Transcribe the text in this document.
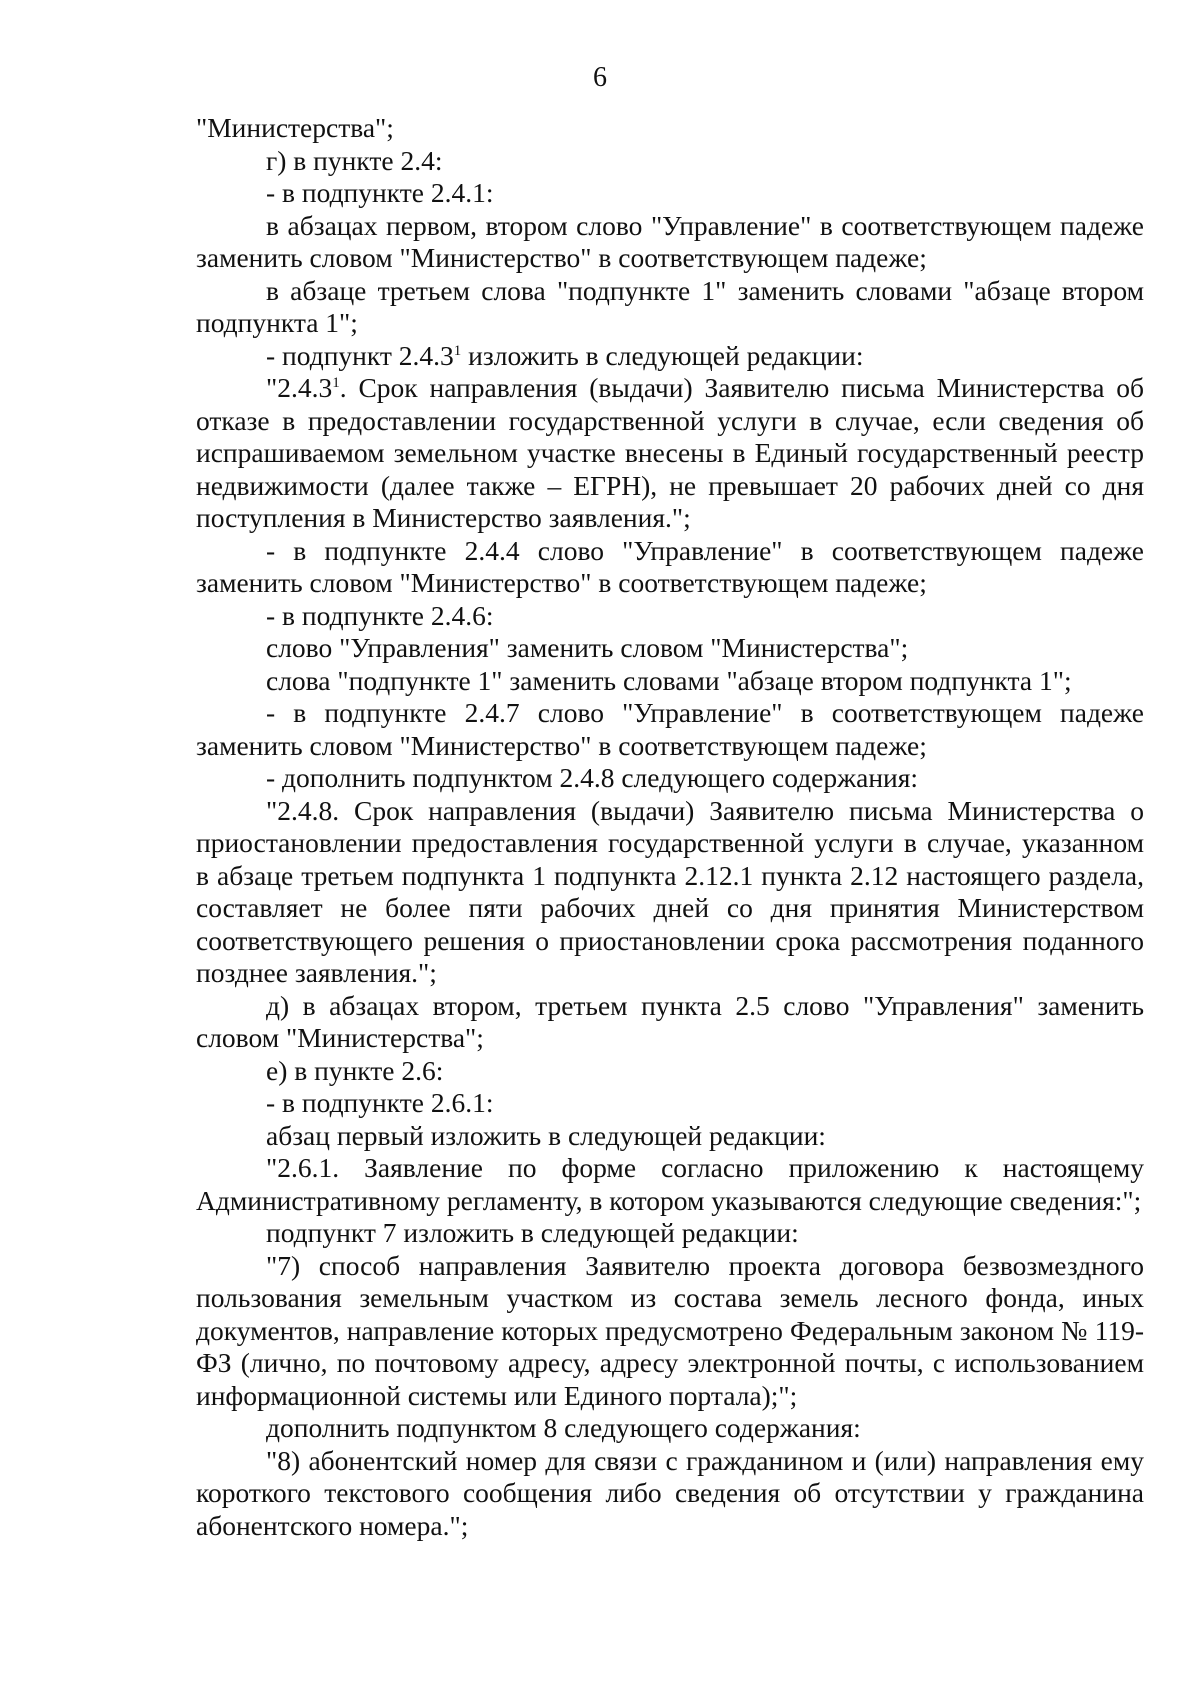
6

"Министерства";

г) в пункте 2.4:

- в подпункте 2.4.1:

в абзацах первом, втором слово "Управление" в соответствующем падеже заменить словом "Министерство" в соответствующем падеже;

в абзаце третьем слова "подпункте 1" заменить словами "абзаце втором подпункта 1";

- подпункт 2.4.3$^1$ изложить в следующей редакции:

"2.4.3$^1$. Срок направления (выдачи) Заявителю письма Министерства об отказе в предоставлении государственной услуги в случае, если сведения об испрашиваемом земельном участке внесены в Единый государственный реестр недвижимости (далее также – ЕГРН), не превышает 20 рабочих дней со дня поступления в Министерство заявления.";

- в подпункте 2.4.4 слово "Управление" в соответствующем падеже заменить словом "Министерство" в соответствующем падеже;

- в подпункте 2.4.6:

слово "Управления" заменить словом "Министерства";

слова "подпункте 1" заменить словами "абзаце втором подпункта 1";

- в подпункте 2.4.7 слово "Управление" в соответствующем падеже заменить словом "Министерство" в соответствующем падеже;

- дополнить подпунктом 2.4.8 следующего содержания:

"2.4.8. Срок направления (выдачи) Заявителю письма Министерства о приостановлении предоставления государственной услуги в случае, указанном в абзаце третьем подпункта 1 подпункта 2.12.1 пункта 2.12 настоящего раздела, составляет не более пяти рабочих дней со дня принятия Министерством соответствующего решения о приостановлении срока рассмотрения поданного позднее заявления.";

д) в абзацах втором, третьем пункта 2.5 слово "Управления" заменить словом "Министерства";

е) в пункте 2.6:

- в подпункте 2.6.1:

абзац первый изложить в следующей редакции:

"2.6.1. Заявление по форме согласно приложению к настоящему Административному регламенту, в котором указываются следующие сведения:";

подпункт 7 изложить в следующей редакции:

"7) способ направления Заявителю проекта договора безвозмездного пользования земельным участком из состава земель лесного фонда, иных документов, направление которых предусмотрено Федеральным законом № 119-ФЗ (лично, по почтовому адресу, адресу электронной почты, с использованием информационной системы или Единого портала);";

дополнить подпунктом 8 следующего содержания:

"8) абонентский номер для связи с гражданином и (или) направления ему короткого текстового сообщения либо сведения об отсутствии у гражданина абонентского номера.";
